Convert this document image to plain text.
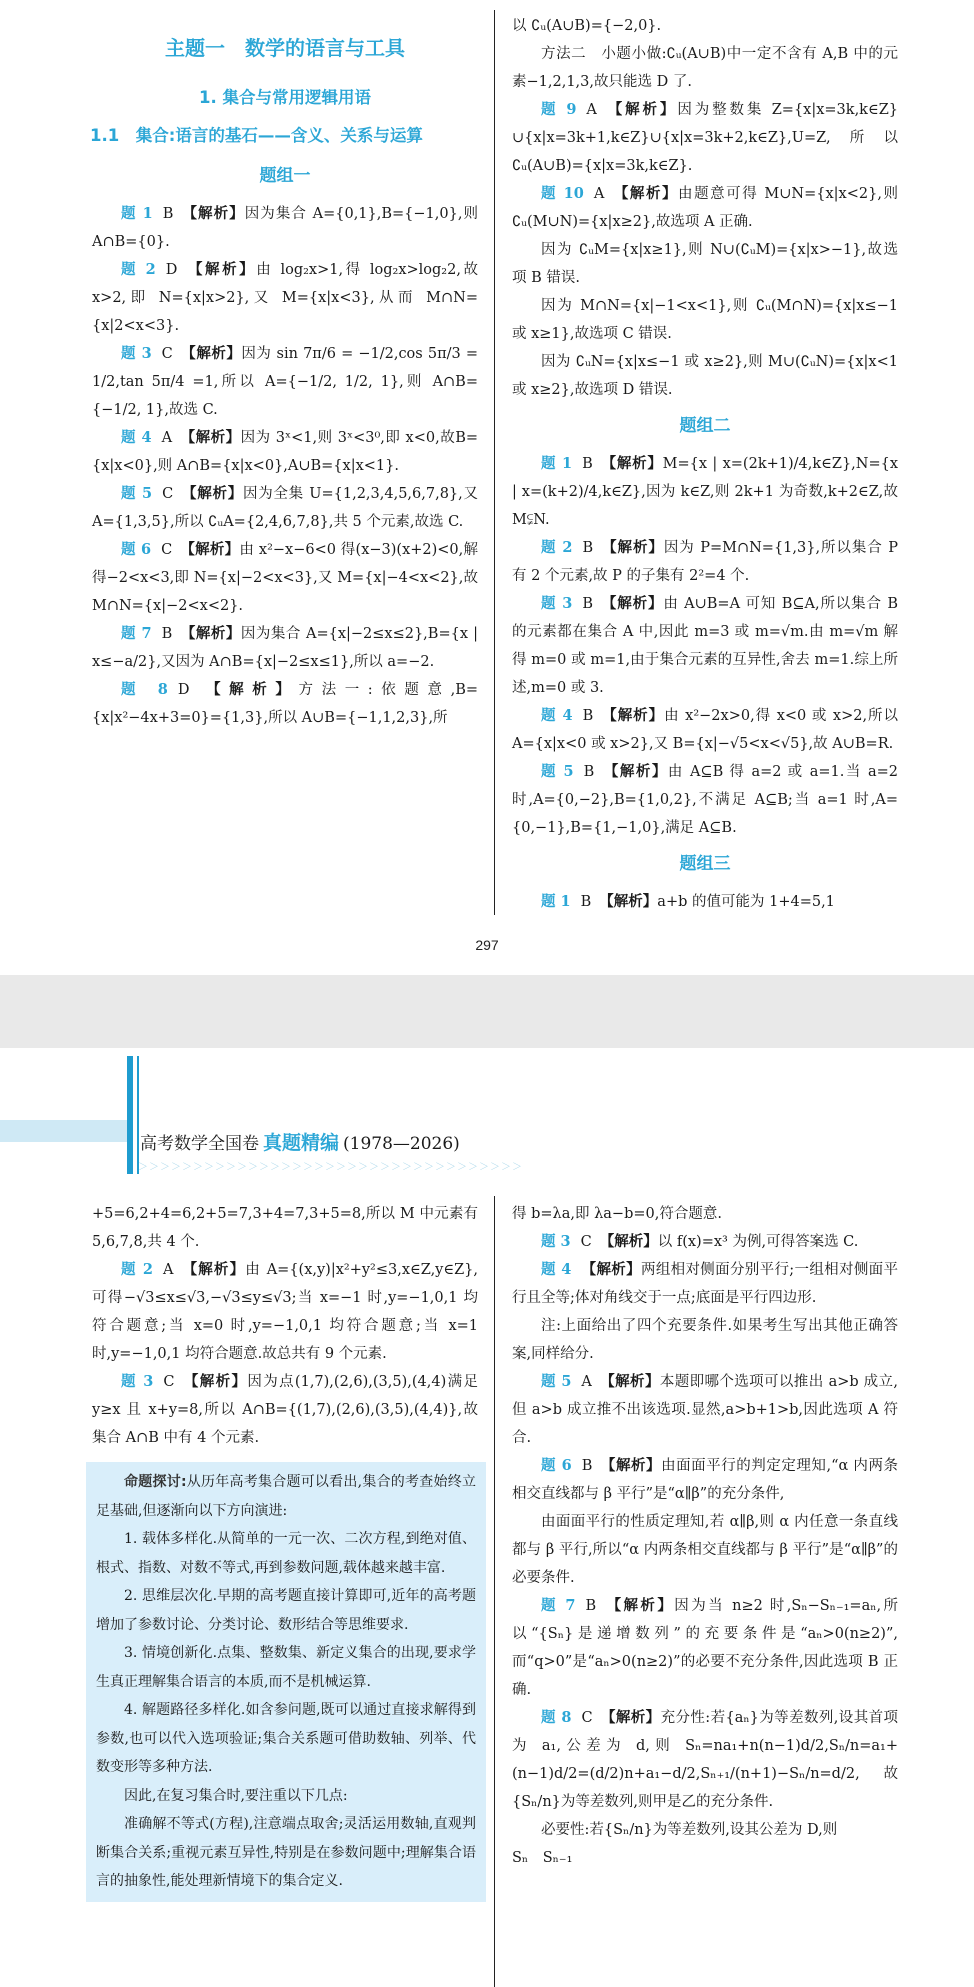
主题一　数学的语言与工具
1. 集合与常用逻辑用语
1.1　集合:语言的基石——含义、关系与运算
题组一

题 1 B 【解析】因为集合 A={0,1},B={−1,0},则 A∩B={0}.

题 2 D 【解析】由 log₂x>1,得 log₂x>log₂2,故 x>2,即 N={x|x>2},又 M={x|x<3},从而 M∩N={x|2<x<3}.

题 3 C 【解析】因为 sin 7π/6 = −1/2,cos 5π/3 = 1/2,tan 5π/4 =1,所以 A={−1/2, 1/2, 1},则 A∩B={−1/2, 1},故选 C.

题 4 A 【解析】因为 3ˣ<1,则 3ˣ<3⁰,即 x<0,故B={x|x<0},则 A∩B={x|x<0},A∪B={x|x<1}.

题 5 C 【解析】因为全集 U={1,2,3,4,5,6,7,8},又 A={1,3,5},所以 ∁ᵤA={2,4,6,7,8},共 5 个元素,故选 C.

题 6 C 【解析】由 x²−x−6<0 得(x−3)(x+2)<0,解得−2<x<3,即 N={x|−2<x<3},又 M={x|−4<x<2},故 M∩N={x|−2<x<2}.

题 7 B 【解析】因为集合 A={x|−2≤x≤2},B={x | x≤−a/2},又因为 A∩B={x|−2≤x≤1},所以 a=−2.

题 8 D 【解析】方法一:依题意,B={x|x²−4x+3=0}={1,3},所以 A∪B={−1,1,2,3},所

以 ∁ᵤ(A∪B)={−2,0}.

方法二　小题小做:∁ᵤ(A∪B)中一定不含有 A,B 中的元素−1,2,1,3,故只能选 D 了.

题 9 A 【解析】因为整数集 Z={x|x=3k,k∈Z}∪{x|x=3k+1,k∈Z}∪{x|x=3k+2,k∈Z},U=Z,所以 ∁ᵤ(A∪B)={x|x=3k,k∈Z}.

题 10 A 【解析】由题意可得 M∪N={x|x<2},则 ∁ᵤ(M∪N)={x|x≥2},故选项 A 正确.

因为 ∁ᵤM={x|x≥1},则 N∪(∁ᵤM)={x|x>−1},故选项 B 错误.

因为 M∩N={x|−1<x<1},则 ∁ᵤ(M∩N)={x|x≤−1 或 x≥1},故选项 C 错误.

因为 ∁ᵤN={x|x≤−1 或 x≥2},则 M∪(∁ᵤN)={x|x<1 或 x≥2},故选项 D 错误.

题组二

题 1 B 【解析】M={x | x=(2k+1)/4,k∈Z},N={x | x=(k+2)/4,k∈Z},因为 k∈Z,则 2k+1 为奇数,k+2∈Z,故 M⫋N.

题 2 B 【解析】因为 P=M∩N={1,3},所以集合 P 有 2 个元素,故 P 的子集有 2²=4 个.

题 3 B 【解析】由 A∪B=A 可知 B⊆A,所以集合 B 的元素都在集合 A 中,因此 m=3 或 m=√m.由 m=√m 解得 m=0 或 m=1,由于集合元素的互异性,舍去 m=1.综上所述,m=0 或 3.

题 4 B 【解析】由 x²−2x>0,得 x<0 或 x>2,所以 A={x|x<0 或 x>2},又 B={x|−√5<x<√5},故 A∪B=R.

题 5 B 【解析】由 A⊆B 得 a=2 或 a=1.当 a=2 时,A={0,−2},B={1,0,2},不满足 A⊆B;当 a=1 时,A={0,−1},B={1,−1,0},满足 A⊆B.

题组三

题 1 B 【解析】a+b 的值可能为 1+4=5,1

297
高考数学全国卷 真题精编 (1978—2026)
＞＞＞＞＞＞＞＞＞＞＞＞＞＞＞＞＞＞＞＞＞＞＞＞＞＞＞＞＞＞＞＞＞＞＞

+5=6,2+4=6,2+5=7,3+4=7,3+5=8,所以 M 中元素有 5,6,7,8,共 4 个.

题 2 A 【解析】由 A={(x,y)|x²+y²≤3,x∈Z,y∈Z},可得−√3≤x≤√3,−√3≤y≤√3;当 x=−1 时,y=−1,0,1 均符合题意;当 x=0 时,y=−1,0,1 均符合题意;当 x=1 时,y=−1,0,1 均符合题意.故总共有 9 个元素.

题 3 C 【解析】因为点(1,7),(2,6),(3,5),(4,4)满足 y≥x 且 x+y=8,所以 A∩B={(1,7),(2,6),(3,5),(4,4)},故集合 A∩B 中有 4 个元素.

命题探讨:从历年高考集合题可以看出,集合的考查始终立足基础,但逐渐向以下方向演进:

1. 载体多样化.从简单的一元一次、二次方程,到绝对值、根式、指数、对数不等式,再到参数问题,载体越来越丰富.

2. 思维层次化.早期的高考题直接计算即可,近年的高考题增加了参数讨论、分类讨论、数形结合等思维要求.

3. 情境创新化.点集、整数集、新定义集合的出现,要求学生真正理解集合语言的本质,而不是机械运算.

4. 解题路径多样化.如含参问题,既可以通过直接求解得到参数,也可以代入选项验证;集合关系题可借助数轴、列举、代数变形等多种方法.

因此,在复习集合时,要注重以下几点:

准确解不等式(方程),注意端点取舍;灵活运用数轴,直观判断集合关系;重视元素互异性,特别是在参数问题中;理解集合语言的抽象性,能处理新情境下的集合定义.

得 b=λa,即 λa−b=0,符合题意.

题 3 C 【解析】以 f(x)=x³ 为例,可得答案选 C.

题 4 【解析】两组相对侧面分别平行;一组相对侧面平行且全等;体对角线交于一点;底面是平行四边形.

注:上面给出了四个充要条件.如果考生写出其他正确答案,同样给分.

题 5 A 【解析】本题即哪个选项可以推出 a>b 成立,但 a>b 成立推不出该选项.显然,a>b+1>b,因此选项 A 符合.

题 6 B 【解析】由面面平行的判定定理知,“α 内两条相交直线都与 β 平行”是“α∥β”的充分条件,

由面面平行的性质定理知,若 α∥β,则 α 内任意一条直线都与 β 平行,所以“α 内两条相交直线都与 β 平行”是“α∥β”的必要条件.

题 7 B 【解析】因为当 n≥2 时,Sₙ−Sₙ₋₁=aₙ,所以“{Sₙ}是递增数列”的充要条件是“aₙ>0(n≥2)”,而“q>0”是“aₙ>0(n≥2)”的必要不充分条件,因此选项 B 正确.

题 8 C 【解析】充分性:若{aₙ}为等差数列,设其首项为 a₁,公差为 d,则 Sₙ=na₁+n(n−1)d/2,Sₙ/n=a₁+(n−1)d/2=(d/2)n+a₁−d/2,Sₙ₊₁/(n+1)−Sₙ/n=d/2,故{Sₙ/n}为等差数列,则甲是乙的充分条件.

必要性:若{Sₙ/n}为等差数列,设其公差为 D,则

Sₙ　Sₙ₋₁
